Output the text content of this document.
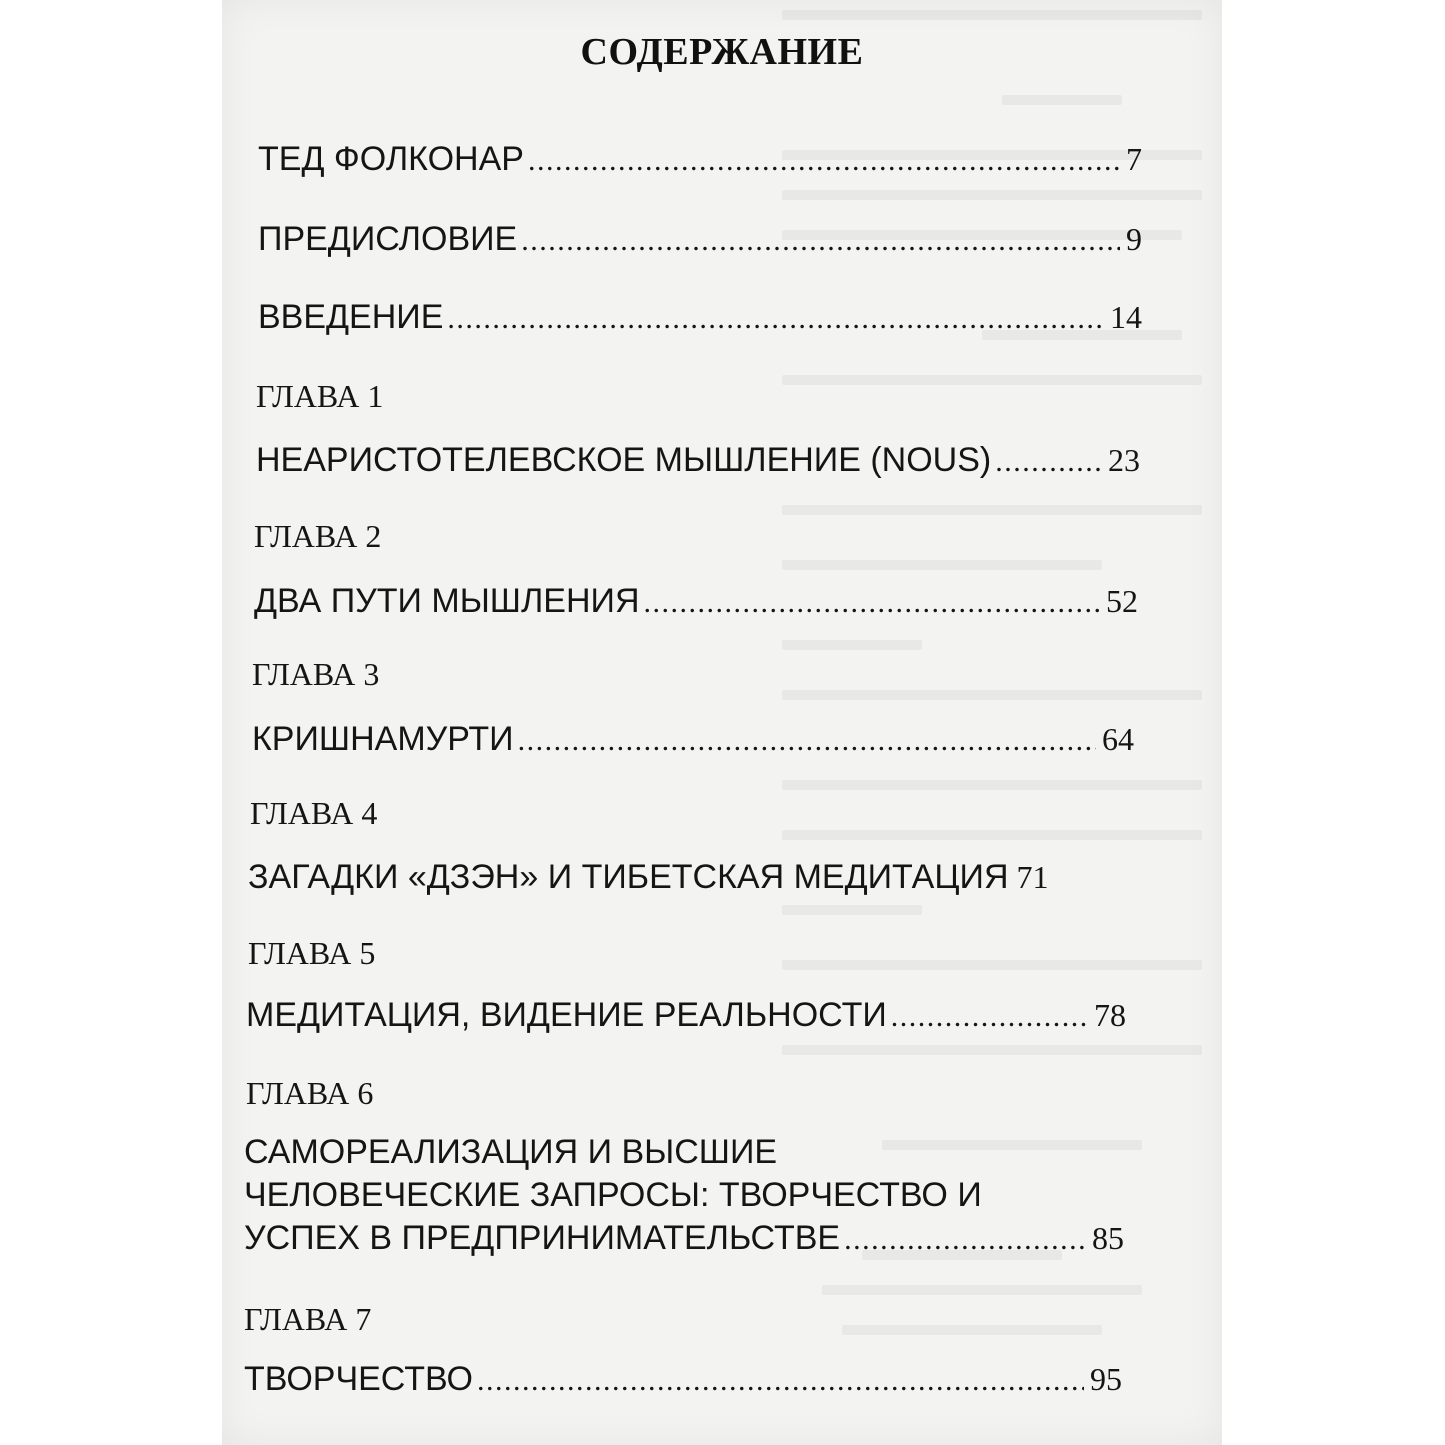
СОДЕРЖАНИЕ
ТЕД ФОЛКОНАР . . .	7
ПРЕДИСЛОВИЕ . . .	9
ВВЕДЕНИЕ . . .	14
ГЛАВА 1
НЕАРИСТОТЕЛЕВСКОЕ МЫШЛЕНИЕ (NOUS) . . .	23
ГЛАВА 2
ДВА ПУТИ МЫШЛЕНИЯ . . .	52
ГЛАВА 3
КРИШНАМУРТИ . . .	64
ГЛАВА 4
ЗАГАДКИ «ДЗЭН» И ТИБЕТСКАЯ МЕДИТАЦИЯ 71
ГЛАВА 5
МЕДИТАЦИЯ, ВИДЕНИЕ РЕАЛЬНОСТИ . . .	78
ГЛАВА 6
САМОРЕАЛИЗАЦИЯ И ВЫСШИЕ
ЧЕЛОВЕЧЕСКИЕ ЗАПРОСЫ: ТВОРЧЕСТВО И
УСПЕХ В ПРЕДПРИНИМАТЕЛЬСТВЕ . . .	85
ГЛАВА 7
ТВОРЧЕСТВО . . .	95
